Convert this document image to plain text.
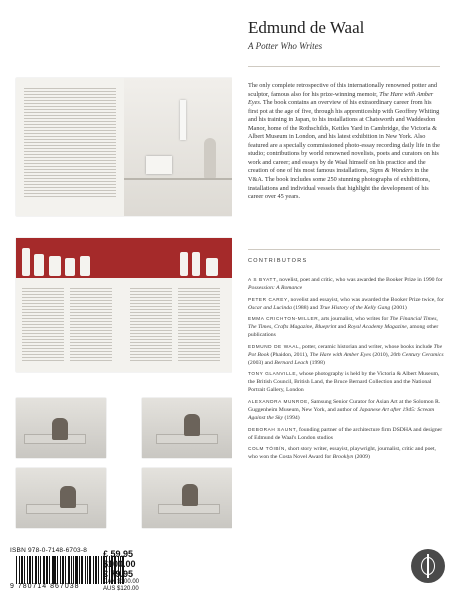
ISBN 978-0-7148-6703-8
9 780714 867038
£ 59.95
$100.00
€ 79.95
CAN $100.00
AUS $120.00
Edmund de Waal
A Potter Who Writes
The only complete retrospective of this internationally renowned potter and sculptor, famous also for his prize-winning memoir, The Hare with Amber Eyes. The book contains an overview of his extraordinary career from his first pot at the age of five, through his apprenticeship with Geoffrey Whiting and his training in Japan, to his installations at Chatsworth and Waddesdon Manor, home of the Rothschilds, Kettles Yard in Cambridge, the Victoria & Albert Museum in London, and his latest exhibition in New York. Also featured are a specially commissioned photo-essay recording daily life in the studio; contributions by world renowned novelists, poets and curators on his work and career; and essays by de Waal himself on his practice and the creation of one of his most famous installations, Signs & Wonders in the V&A. The book includes some 250 stunning photographs of exhibitions, installations and individual vessels that highlight the development of his career over 45 years.
CONTRIBUTORS
A S BYATT, novelist, poet and critic, who was awarded the Booker Prize in 1990 for Possession: A Romance
PETER CAREY, novelist and essayist, who was awarded the Booker Prize twice, for Oscar and Lucinda (1988) and True History of the Kelly Gang (2001)
EMMA CRICHTON-MILLER, arts journalist, who writes for The Financial Times, The Times, Crafts Magazine, Blueprint and Royal Academy Magazine, among other publications
EDMUND DE WAAL, potter, ceramic historian and writer, whose books include The Pot Book (Phaidon, 2011), The Hare with Amber Eyes (2010), 20th Century Ceramics (2003) and Bernard Leach (1998)
TONY GLANVILLE, whose photography is held by the Victoria & Albert Museum, the British Council, British Land, the Bruce Bernard Collection and the National Portrait Gallery, London
ALEXANDRA MUNROE, Samsung Senior Curator for Asian Art at the Solomon R. Guggenheim Museum, New York, and author of Japanese Art after 1945: Scream Against the Sky (1994)
DEBORAH SAUNT, founding partner of the architecture firm DSDHA and designer of Edmund de Waal's London studios
COLM TÓIBÍN, short story writer, essayist, playwright, journalist, critic and poet, who won the Costa Novel Award for Brooklyn (2009)
